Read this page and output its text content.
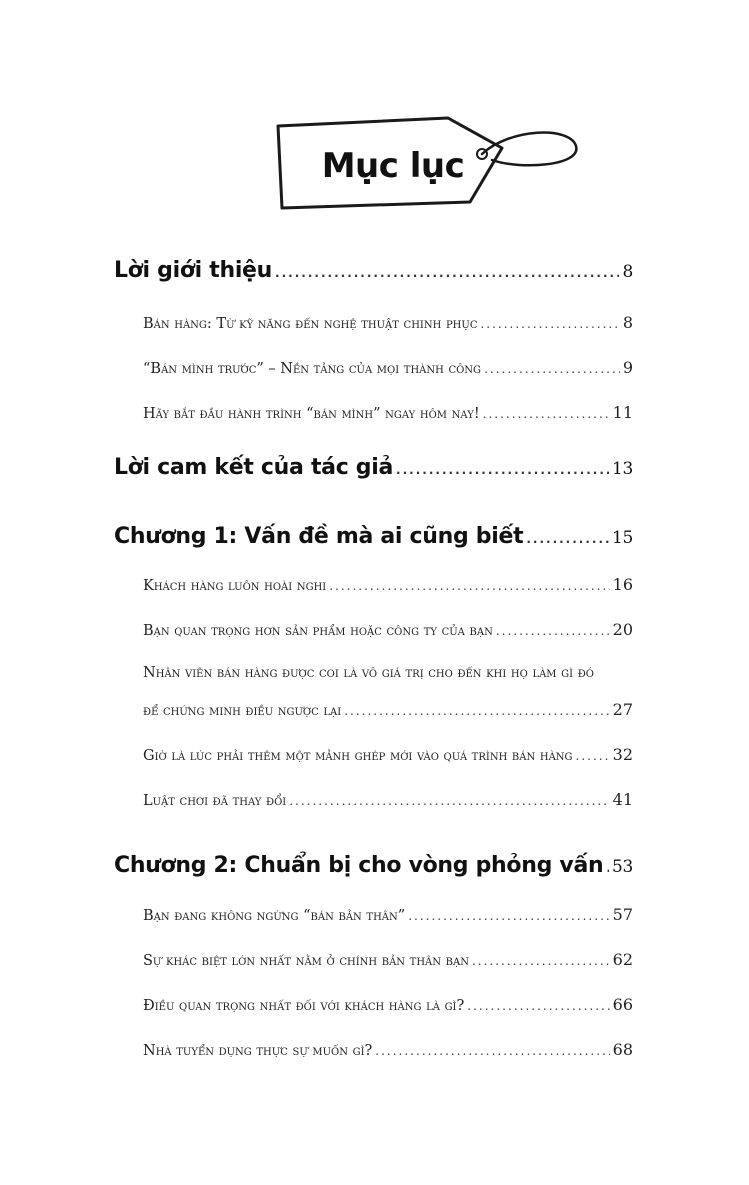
Mục lục
Lời giới thiệu .....	8
Bán hàng: Từ kỹ năng đến nghệ thuật chinh phục .....	8
“Bán mình trước” – Nền tảng của mọi thành công .....	9
Hãy bắt đầu hành trình “bán mình” ngay hôm nay! .....	11
Lời cam kết của tác giả .....	13
Chương 1: Vấn đề mà ai cũng biết .....	15
Khách hàng luôn hoài nghi .....	16
Bạn quan trọng hơn sản phẩm hoặc công ty của bạn .....	20
Nhân viên bán hàng được coi là vô giá trị cho đến khi họ làm gì đó
để chứng minh điều ngược lại .....	27
Giờ là lúc phải thêm một mảnh ghép mới vào quá trình bán hàng .....	32
Luật chơi đã thay đổi .....	41
Chương 2: Chuẩn bị cho vòng phỏng vấn ..... 53
Bạn đang không ngừng “bán bản thân” .....	57
Sự khác biệt lớn nhất nằm ở chính bản thân bạn .....	62
Điều quan trọng nhất đối với khách hàng là gì? .....	66
Nhà tuyển dụng thực sự muốn gì? .....	68
